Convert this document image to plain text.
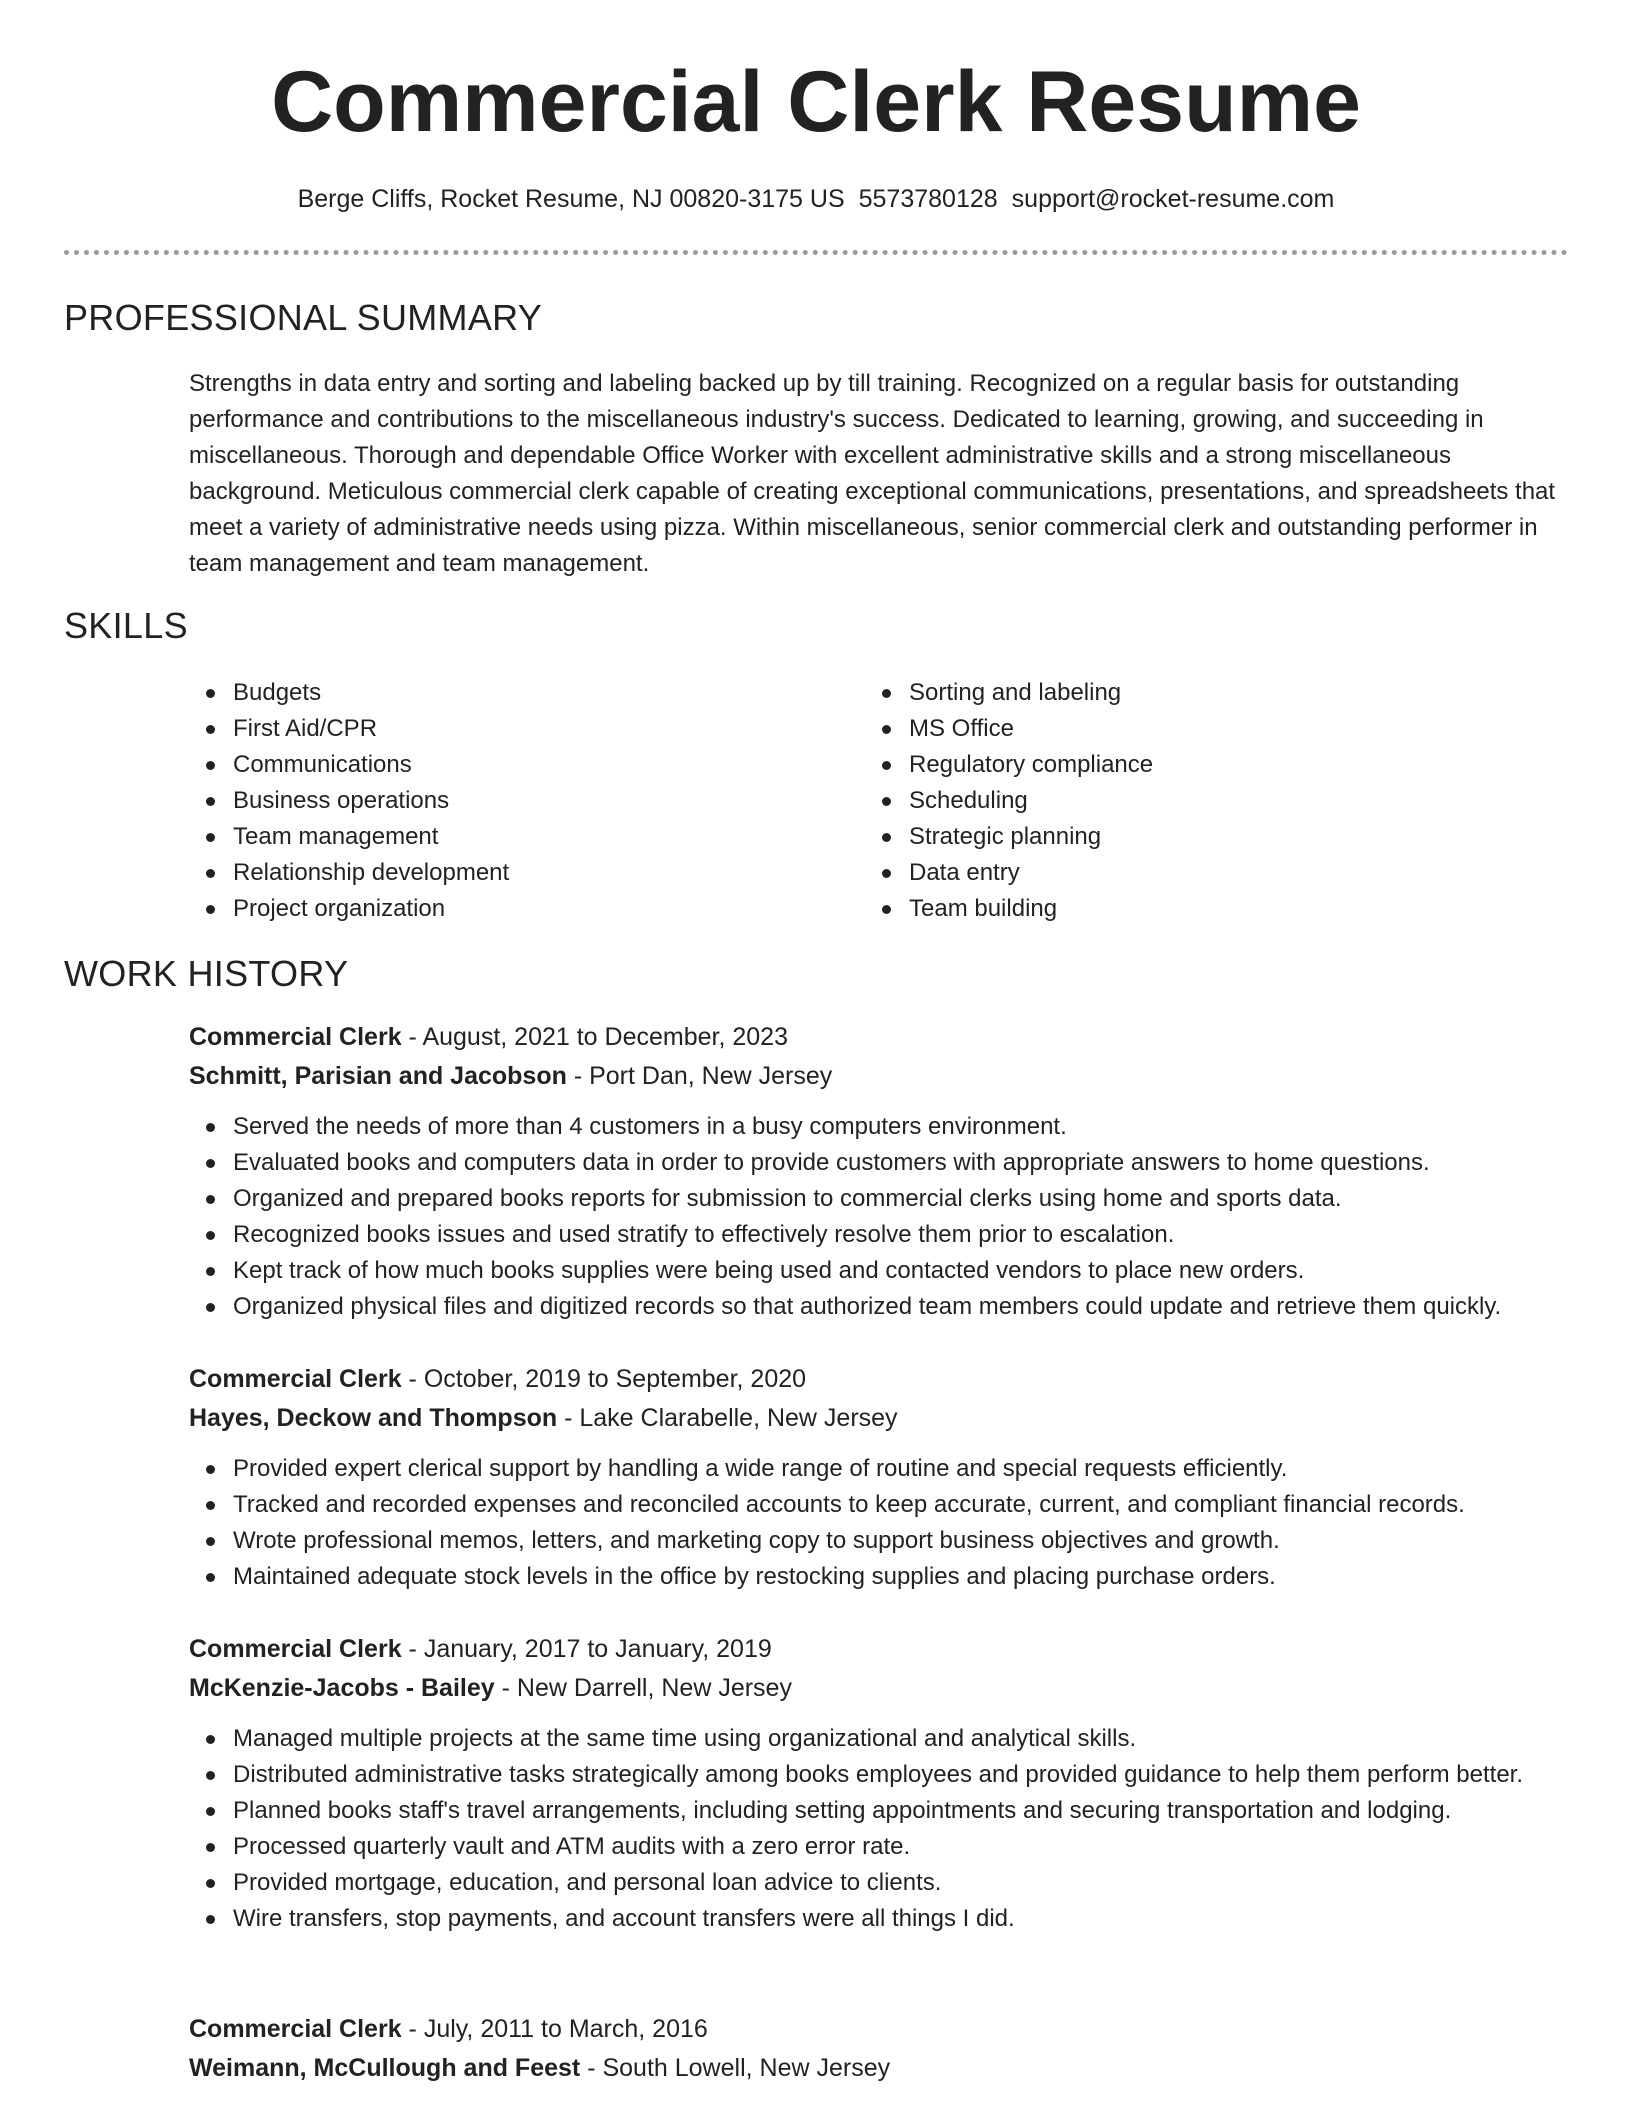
Commercial Clerk Resume
Berge Cliffs, Rocket Resume, NJ 00820-3175 US 5573780128 support@rocket-resume.com
PROFESSIONAL SUMMARY

Strengths in data entry and sorting and labeling backed up by till training. Recognized on a regular basis for outstanding performance and contributions to the miscellaneous industry's success. Dedicated to learning, growing, and succeeding in miscellaneous. Thorough and dependable Office Worker with excellent administrative skills and a strong miscellaneous background. Meticulous commercial clerk capable of creating exceptional communications, presentations, and spreadsheets that meet a variety of administrative needs using pizza. Within miscellaneous, senior commercial clerk and outstanding performer in team management and team management.

SKILLS
Budgets
First Aid/CPR
Communications
Business operations
Team management
Relationship development
Project organization
Sorting and labeling
MS Office
Regulatory compliance
Scheduling
Strategic planning
Data entry
Team building
WORK HISTORY
Commercial Clerk - August, 2021 to December, 2023
Schmitt, Parisian and Jacobson - Port Dan, New Jersey
Served the needs of more than 4 customers in a busy computers environment.
Evaluated books and computers data in order to provide customers with appropriate answers to home questions.
Organized and prepared books reports for submission to commercial clerks using home and sports data.
Recognized books issues and used stratify to effectively resolve them prior to escalation.
Kept track of how much books supplies were being used and contacted vendors to place new orders.
Organized physical files and digitized records so that authorized team members could update and retrieve them quickly.
Commercial Clerk - October, 2019 to September, 2020
Hayes, Deckow and Thompson - Lake Clarabelle, New Jersey
Provided expert clerical support by handling a wide range of routine and special requests efficiently.
Tracked and recorded expenses and reconciled accounts to keep accurate, current, and compliant financial records.
Wrote professional memos, letters, and marketing copy to support business objectives and growth.
Maintained adequate stock levels in the office by restocking supplies and placing purchase orders.
Commercial Clerk - January, 2017 to January, 2019
McKenzie-Jacobs - Bailey - New Darrell, New Jersey
Managed multiple projects at the same time using organizational and analytical skills.
Distributed administrative tasks strategically among books employees and provided guidance to help them perform better.
Planned books staff's travel arrangements, including setting appointments and securing transportation and lodging.
Processed quarterly vault and ATM audits with a zero error rate.
Provided mortgage, education, and personal loan advice to clients.
Wire transfers, stop payments, and account transfers were all things I did.
Commercial Clerk - July, 2011 to March, 2016
Weimann, McCullough and Feest - South Lowell, New Jersey
